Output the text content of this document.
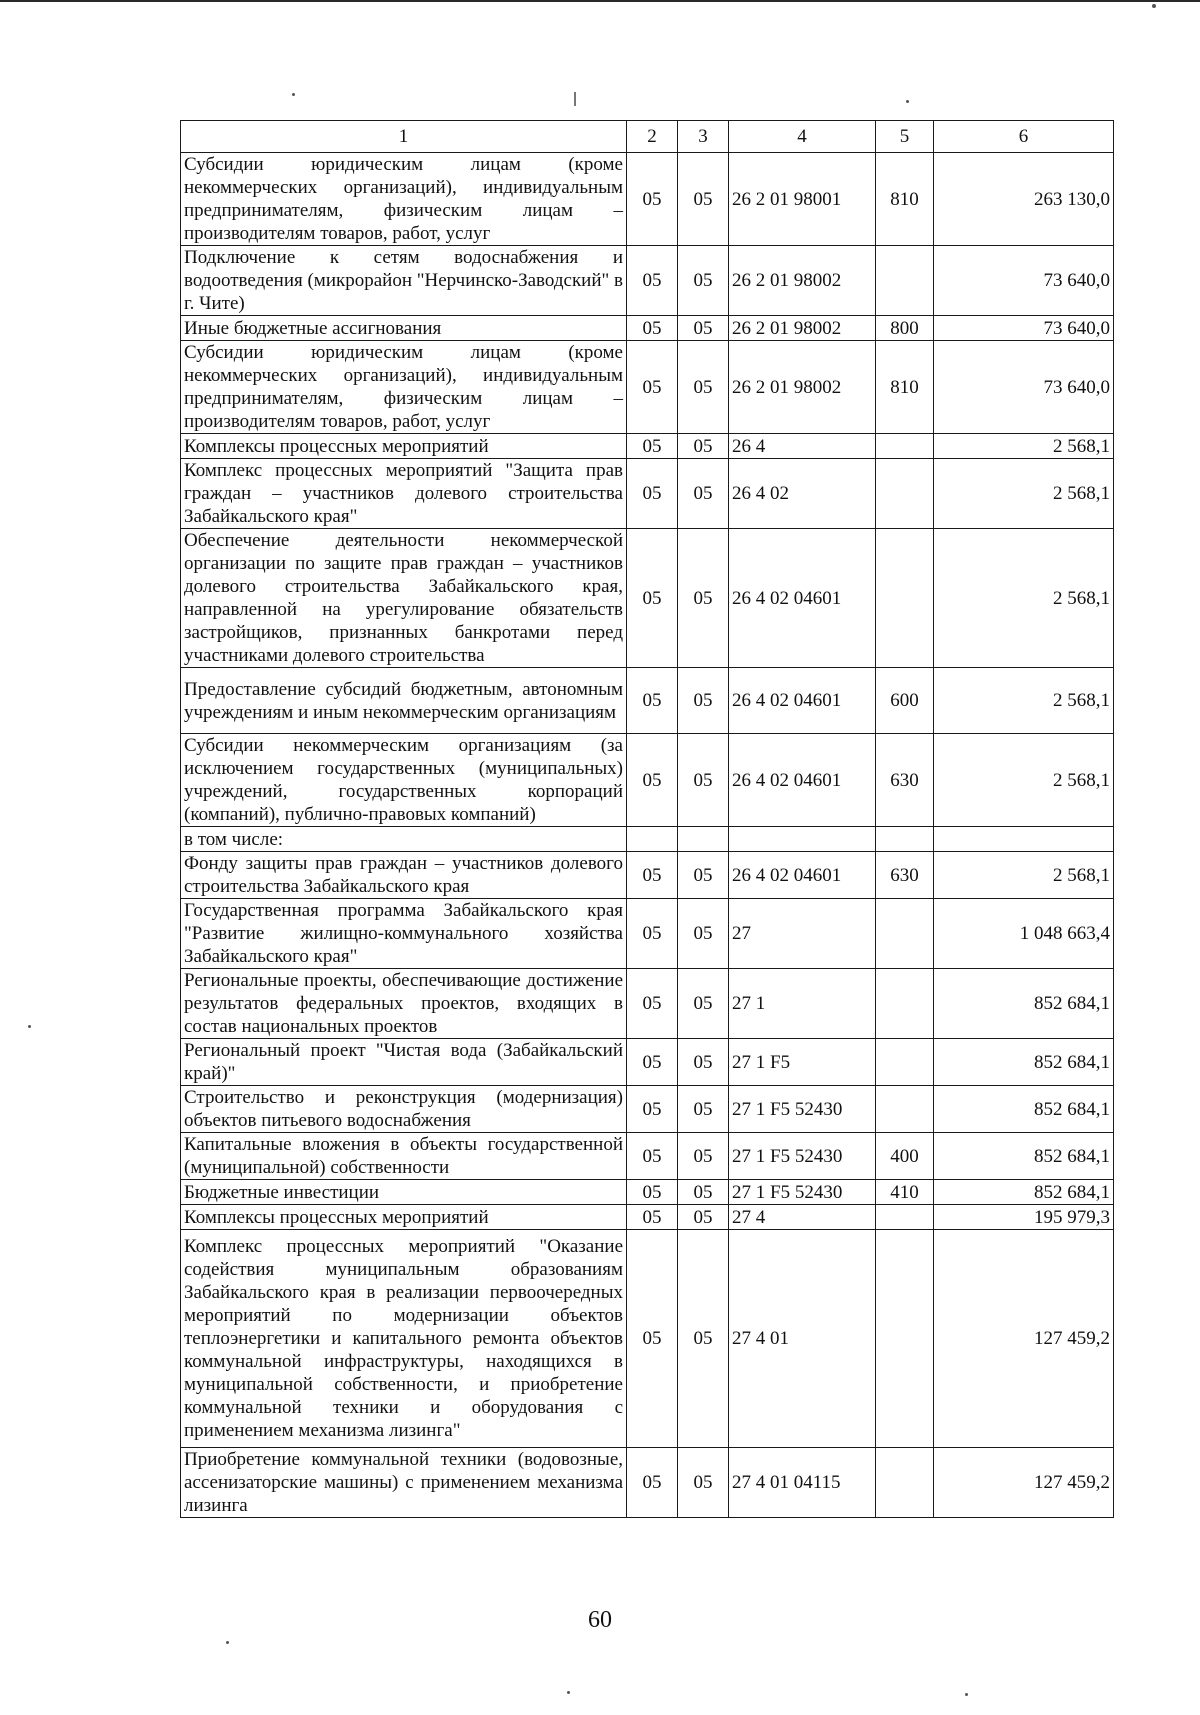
1	2	3	4	5	6
Субсидии юридическим лицам (кроме некоммерческих организаций), индивидуальным предпринимателям, физическим лицам – производителям товаров, работ, услуг	05	05	26 2 01 98001	810	263 130,0
Подключение к сетям водоснабжения и водоотведения (микрорайон "Нерчинско-Заводский" в г. Чите)	05	05	26 2 01 98002		73 640,0
Иные бюджетные ассигнования	05	05	26 2 01 98002	800	73 640,0
Субсидии юридическим лицам (кроме некоммерческих организаций), индивидуальным предпринимателям, физическим лицам – производителям товаров, работ, услуг	05	05	26 2 01 98002	810	73 640,0
Комплексы процессных мероприятий	05	05	26 4		2 568,1
Комплекс процессных мероприятий "Защита прав граждан – участников долевого строительства Забайкальского края"	05	05	26 4 02		2 568,1
Обеспечение деятельности некоммерческой организации по защите прав граждан – участников долевого строительства Забайкальского края, направленной на урегулирование обязательств застройщиков, признанных банкротами перед участниками долевого строительства	05	05	26 4 02 04601		2 568,1
Предоставление субсидий бюджетным, автономным учреждениям и иным некоммерческим организациям	05	05	26 4 02 04601	600	2 568,1
Субсидии некоммерческим организациям (за исключением государственных (муниципальных) учреждений, государственных корпораций (компаний), публично-правовых компаний)	05	05	26 4 02 04601	630	2 568,1
в том числе:					
Фонду защиты прав граждан – участников долевого строительства Забайкальского края	05	05	26 4 02 04601	630	2 568,1
Государственная программа Забайкальского края "Развитие жилищно-коммунального хозяйства Забайкальского края"	05	05	27		1 048 663,4
Региональные проекты, обеспечивающие достижение результатов федеральных проектов, входящих в состав национальных проектов	05	05	27 1		852 684,1
Региональный проект "Чистая вода (Забайкальский край)"	05	05	27 1 F5		852 684,1
Строительство и реконструкция (модернизация) объектов питьевого водоснабжения	05	05	27 1 F5 52430		852 684,1
Капитальные вложения в объекты государственной (муниципальной) собственности	05	05	27 1 F5 52430	400	852 684,1
Бюджетные инвестиции	05	05	27 1 F5 52430	410	852 684,1
Комплексы процессных мероприятий	05	05	27 4		195 979,3
Комплекс процессных мероприятий "Оказание содействия муниципальным образованиям Забайкальского края в реализации первоочередных мероприятий по модернизации объектов теплоэнергетики и капитального ремонта объектов коммунальной инфраструктуры, находящихся в муниципальной собственности, и приобретение коммунальной техники и оборудования с применением механизма лизинга"	05	05	27 4 01		127 459,2
Приобретение коммунальной техники (водовозные, ассенизаторские машины) с применением механизма лизинга	05	05	27 4 01 04115		127 459,2
60
